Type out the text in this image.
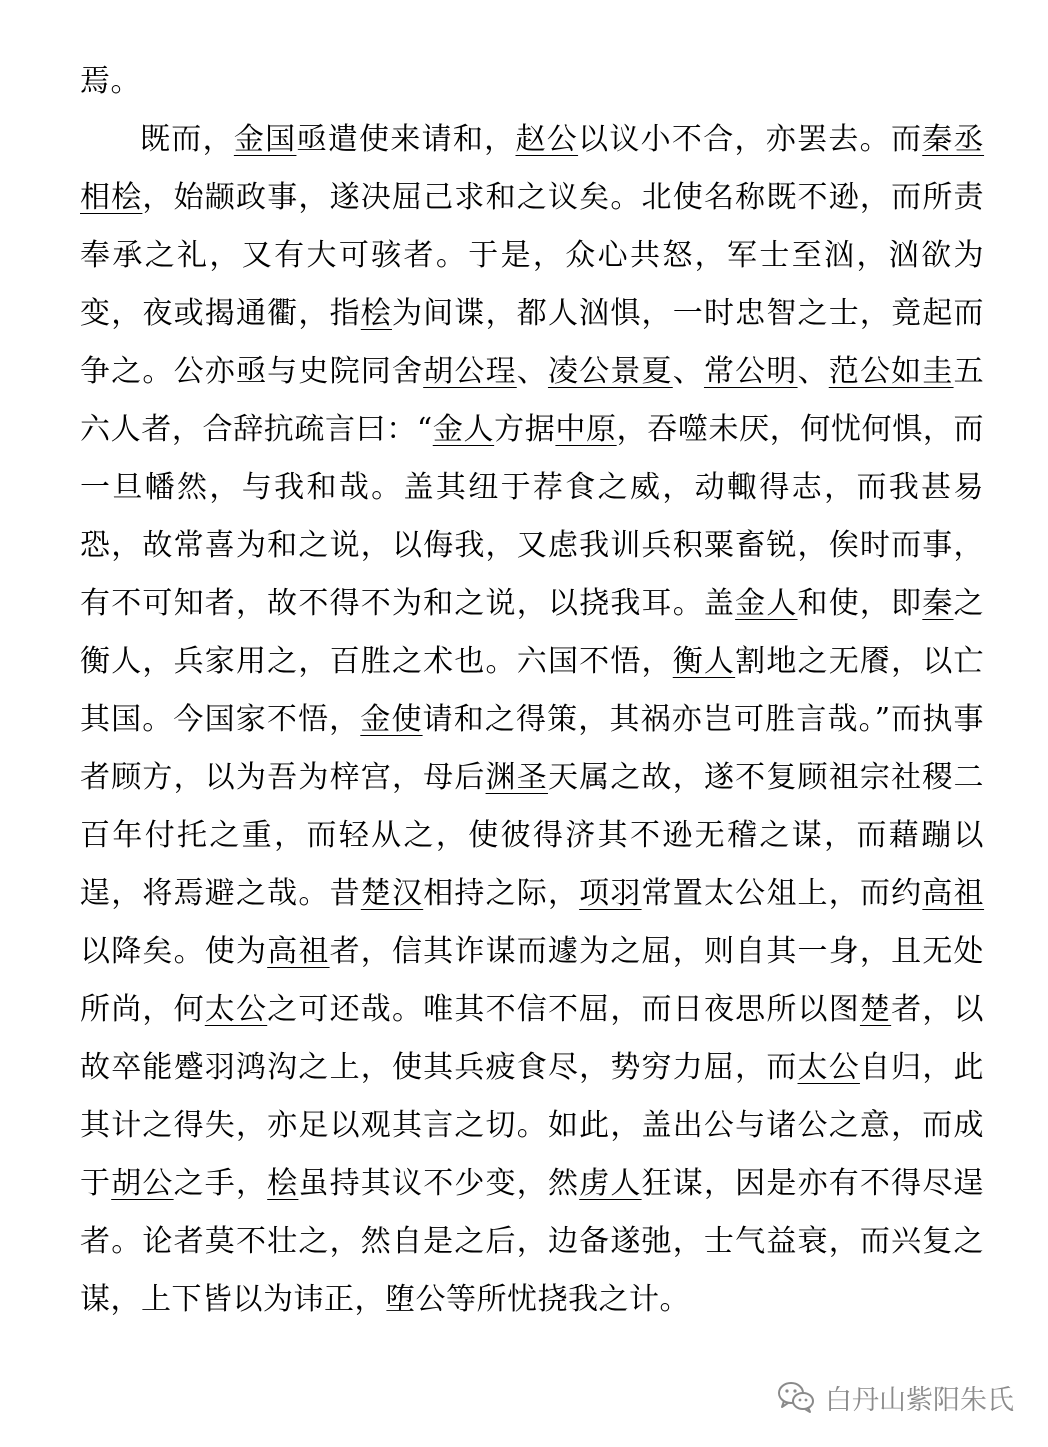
焉。

既而，金国亟遣使来请和，赵公以议小不合，亦罢去。而秦丞相桧，始颛政事，遂决屈己求和之议矣。北使名称既不逊，而所责奉承之礼，又有大可骇者。于是，众心共怒，军士至汹，汹欲为变，夜或揭通衢，指桧为间谍，都人汹惧，一时忠智之士，竟起而争之。公亦亟与史院同舍胡公珵、凌公景夏、常公明、范公如圭五六人者，合辞抗疏言曰：“金人方据中原，吞噬未厌，何忧何惧，而一旦幡然，与我和哉。盖其纽于荐食之威，动輙得志，而我甚易恐，故常喜为和之说，以侮我，又虑我训兵积粟畜锐，俟时而事，有不可知者，故不得不为和之说，以挠我耳。盖金人和使，即秦之衡人，兵家用之，百胜之术也。六国不悟，衡人割地之无餍，以亡其国。今国家不悟，金使请和之得策，其祸亦岂可胜言哉。”而执事者顾方，以为吾为梓宫，母后渊圣天属之故，遂不复顾祖宗社稷二百年付托之重，而轻从之，使彼得济其不逊无稽之谋，而藉蹦以逞，将焉避之哉。昔楚汉相持之际，项羽常置太公俎上，而约高祖以降矣。使为高祖者，信其诈谋而遽为之屈，则自其一身，且无处所尚，何太公之可还哉。唯其不信不屈，而日夜思所以图楚者，以故卒能蹙羽鸿沟之上，使其兵疲食尽，势穷力屈，而太公自归，此其计之得失，亦足以观其言之切。如此，盖出公与诸公之意，而成于胡公之手，桧虽持其议不少变，然虏人狂谋，因是亦有不得尽逞者。论者莫不壮之，然自是之后，边备遂弛，士气益衰，而兴复之谋，上下皆以为讳正，堕公等所忧挠我之计。

白丹山紫阳朱氏
